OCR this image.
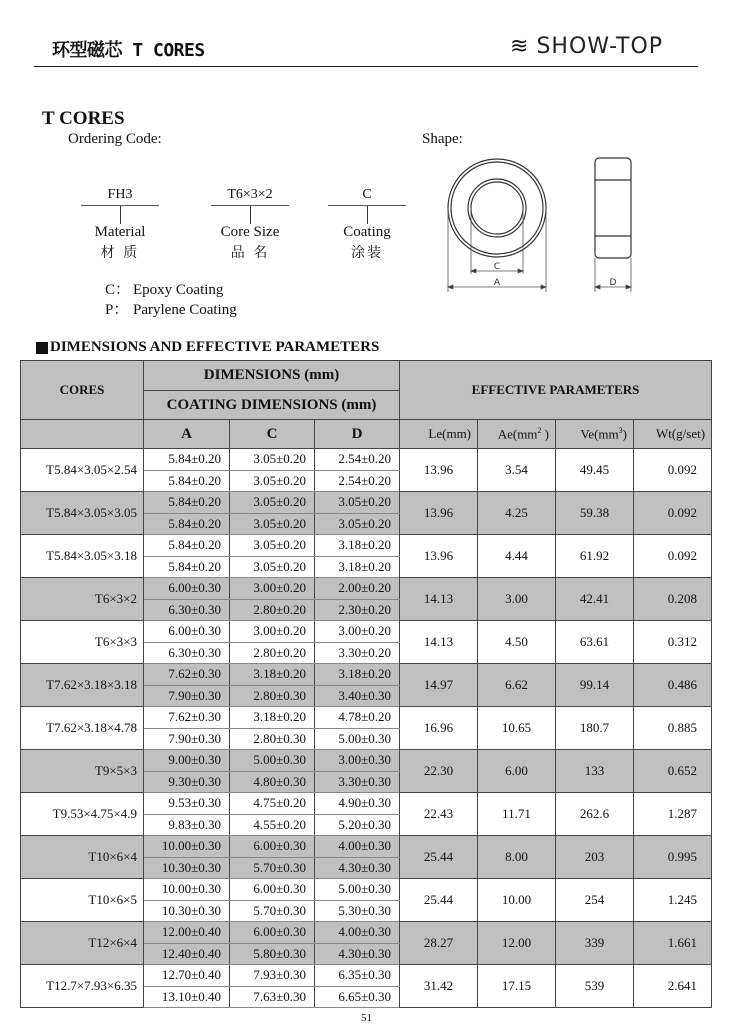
环型磁芯 T CORES	≋ SHOW-TOP
T CORES
Ordering Code:	Shape:
FH3
Material
材 质
T6×3×2
Core Size
品 名
C
Coating
涂装
C： Epoxy Coating
P： Parylene Coating
C
A	D
DIMENSIONS AND EFFECTIVE PARAMETERS
CORES	DIMENSIONS (mm)			EFFECTIVE PARAMETERS			
	COATING DIMENSIONS (mm)						
	A	C	D	Le(mm)	$Ae(mm^2$ )	$Ve(mm^3)$	Wt(g/set)
T5.84×3.05×2.54	5.84±0.20	3.05±0.20	2.54±0.20	13.96	3.54	49.45	0.092
	5.84±0.20	3.05±0.20	2.54±0.20				
T5.84×3.05×3.05	5.84±0.20	3.05±0.20	3.05±0.20	13.96	4.25	59.38	0.092
	5.84±0.20	3.05±0.20	3.05±0.20				
T5.84×3.05×3.18	5.84±0.20	3.05±0.20	3.18±0.20	13.96	4.44	61.92	0.092
	5.84±0.20	3.05±0.20	3.18±0.20				
T6×3×2	6.00±0.30	3.00±0.20	2.00±0.20	14.13	3.00	42.41	0.208
	6.30±0.30	2.80±0.20	2.30±0.20				
T6×3×3	6.00±0.30	3.00±0.20	3.00±0.20	14.13	4.50	63.61	0.312
	6.30±0.30	2.80±0.20	3.30±0.20				
T7.62×3.18×3.18	7.62±0.30	3.18±0.20	3.18±0.20	14.97	6.62	99.14	0.486
	7.90±0.30	2.80±0.30	3.40±0.30				
T7.62×3.18×4.78	7.62±0.30	3.18±0.20	4.78±0.20	16.96	10.65	180.7	0.885
	7.90±0.30	2.80±0.30	5.00±0.30				
T9×5×3	9.00±0.30	5.00±0.30	3.00±0.30	22.30	6.00	133	0.652
	9.30±0.30	4.80±0.30	3.30±0.30				
T9.53×4.75×4.9	9.53±0.30	4.75±0.20	4.90±0.30	22.43	11.71	262.6	1.287
	9.83±0.30	4.55±0.20	5.20±0.30				
T10×6×4	10.00±0.30	6.00±0.30	4.00±0.30	25.44	8.00	203	0.995
	10.30±0.30	5.70±0.30	4.30±0.30				
T10×6×5	10.00±0.30	6.00±0.30	5.00±0.30	25.44	10.00	254	1.245
	10.30±0.30	5.70±0.30	5.30±0.30				
T12×6×4	12.00±0.40	6.00±0.30	4.00±0.30	28.27	12.00	339	1.661
	12.40±0.40	5.80±0.30	4.30±0.30				
T12.7×7.93×6.35	12.70±0.40	7.93±0.30	6.35±0.30	31.42	17.15	539	2.641
	13.10±0.40	7.63±0.30	6.65±0.30				
51
